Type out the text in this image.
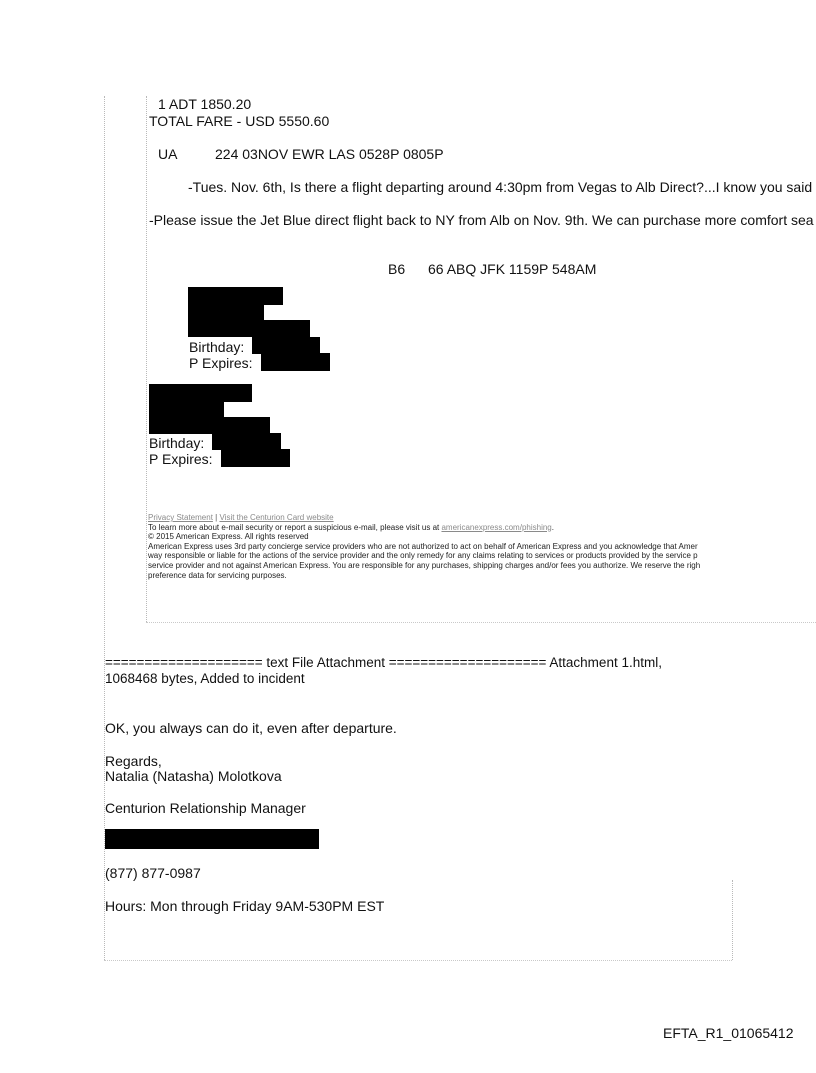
1 ADT 1850.20
TOTAL FARE - USD 5550.60
UA	224 03NOV EWR LAS 0528P 0805P
-Tues. Nov. 6th, Is there a flight departing around 4:30pm from Vegas to Alb Direct?...I know you said
-Please issue the Jet Blue direct flight back to NY from Alb on Nov. 9th. We can purchase more comfort sea
B6 66 ABQ JFK 1159P 548AM
Birthday:
P Expires:
Birthday:
P Expires:
Privacy Statement | Visit the Centurion Card website
To learn more about e-mail security or report a suspicious e-mail, please visit us at americanexpress.com/phishing.
© 2015 American Express. All rights reserved
American Express uses 3rd party concierge service providers who are not authorized to act on behalf of American Express and you acknowledge that Amer
way responsible or liable for the actions of the service provider and the only remedy for any claims relating to services or products provided by the service p
service provider and not against American Express. You are responsible for any purchases, shipping charges and/or fees you authorize. We reserve the righ
preference data for servicing purposes.
==================== text File Attachment ==================== Attachment 1.html,
1068468 bytes, Added to incident
OK, you always can do it, even after departure.
Regards,
Natalia (Natasha) Molotkova
Centurion Relationship Manager
(877) 877-0987
Hours: Mon through Friday 9AM-530PM EST
EFTA_R1_01065412
